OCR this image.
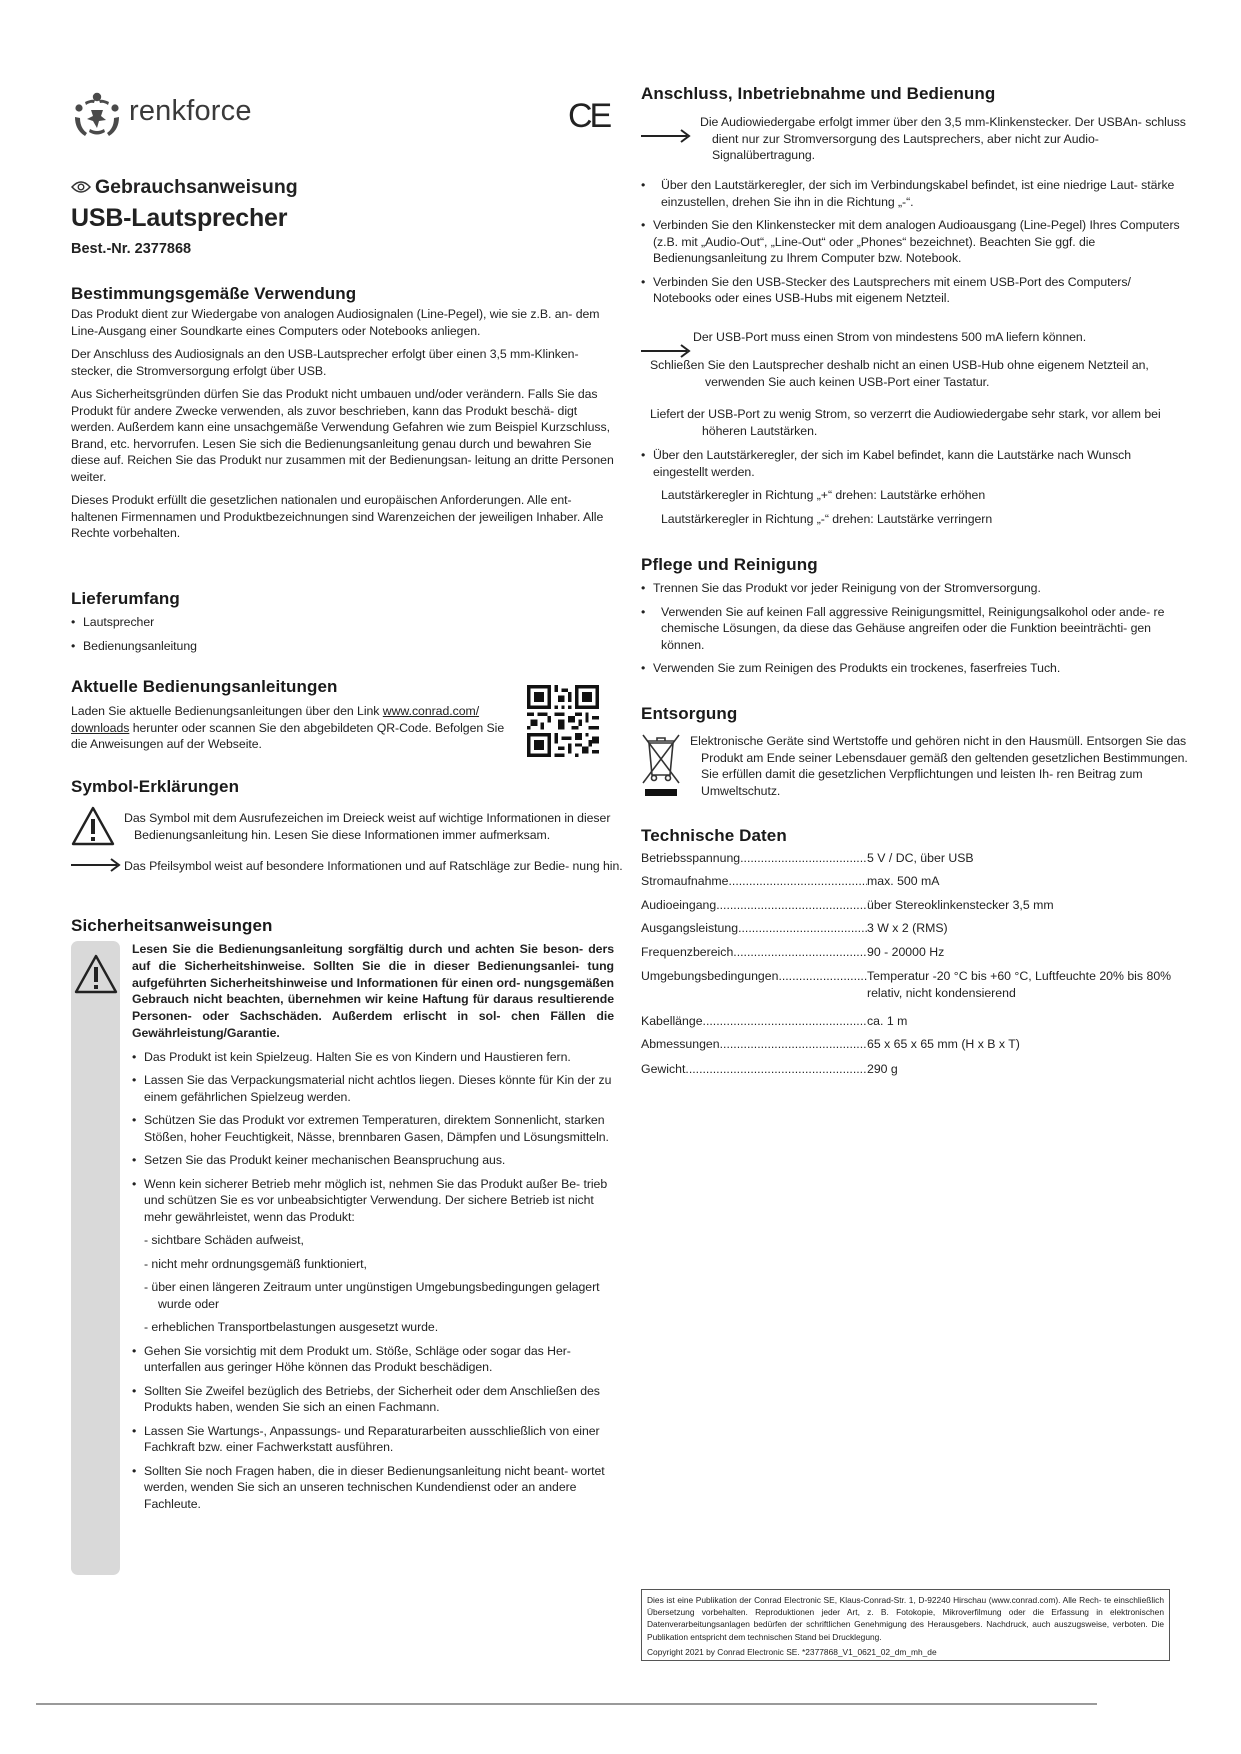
renkforce
Gebrauchsanweisung
USB-Lautsprecher
Best.-Nr. 2377868
Bestimmungsgemäße Verwendung

Das Produkt dient zur Wiedergabe von analogen Audiosignalen (Line-Pegel), wie sie z.B. an- dem Line-Ausgang einer Soundkarte eines Computers oder Notebooks anliegen.

Der Anschluss des Audiosignals an den USB-Lautsprecher erfolgt über einen 3,5 mm-Klinken- stecker, die Stromversorgung erfolgt über USB.

Aus Sicherheitsgründen dürfen Sie das Produkt nicht umbauen und/oder verändern. Falls Sie das Produkt für andere Zwecke verwenden, als zuvor beschrieben, kann das Produkt beschä- digt werden. Außerdem kann eine unsachgemäße Verwendung Gefahren wie zum Beispiel Kurzschluss, Brand, etc. hervorrufen. Lesen Sie sich die Bedienungsanleitung genau durch und bewahren Sie diese auf. Reichen Sie das Produkt nur zusammen mit der Bedienungsan- leitung an dritte Personen weiter.

Dieses Produkt erfüllt die gesetzlichen nationalen und europäischen Anforderungen. Alle ent- haltenen Firmennamen und Produktbezeichnungen sind Warenzeichen der jeweiligen Inhaber. Alle Rechte vorbehalten.

Lieferumfang
• Lautsprecher
• Bedienungsanleitung
Aktuelle Bedienungsanleitungen
Laden Sie aktuelle Bedienungsanleitungen über den Link www.conrad.com/ downloads herunter oder scannen Sie den abgebildeten QR-Code. Befolgen Sie die Anweisungen auf der Webseite.
Symbol-Erklärungen
Das Symbol mit dem Ausrufezeichen im Dreieck weist auf wichtige Informationen in dieser Bedienungsanleitung hin. Lesen Sie diese Informationen immer aufmerksam.
Das Pfeilsymbol weist auf besondere Informationen und auf Ratschläge zur Bedie- nung hin.
Sicherheitsanweisungen

Lesen Sie die Bedienungsanleitung sorgfältig durch und achten Sie beson- ders auf die Sicherheitshinweise. Sollten Sie die in dieser Bedienungsanlei- tung aufgeführten Sicherheitshinweise und Informationen für einen ord- nungsgemäßen Gebrauch nicht beachten, übernehmen wir keine Haftung für daraus resultierende Personen- oder Sachschäden. Außerdem erlischt in sol- chen Fällen die Gewährleistung/Garantie.

• Das Produkt ist kein Spielzeug. Halten Sie es von Kindern und Haustieren fern.
• Lassen Sie das Verpackungsmaterial nicht achtlos liegen. Dieses könnte für Kin der zu einem gefährlichen Spielzeug werden.
• Schützen Sie das Produkt vor extremen Temperaturen, direktem Sonnenlicht, starken Stößen, hoher Feuchtigkeit, Nässe, brennbaren Gasen, Dämpfen und Lösungsmitteln.
• Setzen Sie das Produkt keiner mechanischen Beanspruchung aus.
• Wenn kein sicherer Betrieb mehr möglich ist, nehmen Sie das Produkt außer Be- trieb und schützen Sie es vor unbeabsichtigter Verwendung. Der sichere Betrieb ist nicht mehr gewährleistet, wenn das Produkt:

- sichtbare Schäden aufweist,

- nicht mehr ordnungsgemäß funktioniert,

- über einen längeren Zeitraum unter ungünstigen Umgebungsbedingungen gelagert wurde oder

- erheblichen Transportbelastungen ausgesetzt wurde.

• Gehen Sie vorsichtig mit dem Produkt um. Stöße, Schläge oder sogar das Her- unterfallen aus geringer Höhe können das Produkt beschädigen.
• Sollten Sie Zweifel bezüglich des Betriebs, der Sicherheit oder dem Anschließen des Produkts haben, wenden Sie sich an einen Fachmann.
• Lassen Sie Wartungs-, Anpassungs- und Reparaturarbeiten ausschließlich von einer Fachkraft bzw. einer Fachwerkstatt ausführen.
• Sollten Sie noch Fragen haben, die in dieser Bedienungsanleitung nicht beant- wortet werden, wenden Sie sich an unseren technischen Kundendienst oder an andere Fachleute.
CE
Anschluss, Inbetriebnahme und Bedienung
Die Audiowiedergabe erfolgt immer über den 3,5 mm-Klinkenstecker. Der USBAn- schluss dient nur zur Stromversorgung des Lautsprechers, aber nicht zur Audio- Signalübertragung.
• Über den Lautstärkeregler, der sich im Verbindungskabel befindet, ist eine niedrige Laut- stärke einzustellen, drehen Sie ihn in die Richtung „-“.
• Verbinden Sie den Klinkenstecker mit dem analogen Audioausgang (Line-Pegel) Ihres Computers (z.B. mit „Audio-Out“, „Line-Out“ oder „Phones“ bezeichnet). Beachten Sie ggf. die Bedienungsanleitung zu Ihrem Computer bzw. Notebook.
• Verbinden Sie den USB-Stecker des Lautsprechers mit einem USB-Port des Computers/ Notebooks oder eines USB-Hubs mit eigenem Netzteil.
Der USB-Port muss einen Strom von mindestens 500 mA liefern können.
Schließen Sie den Lautsprecher deshalb nicht an einen USB-Hub ohne eigenem Netzteil an, verwenden Sie auch keinen USB-Port einer Tastatur.
Liefert der USB-Port zu wenig Strom, so verzerrt die Audiowiedergabe sehr stark, vor allem bei höheren Lautstärken.
• Über den Lautstärkeregler, der sich im Kabel befindet, kann die Lautstärke nach Wunsch eingestellt werden.

Lautstärkeregler in Richtung „+“ drehen: Lautstärke erhöhen

Lautstärkeregler in Richtung „-“ drehen: Lautstärke verringern

Pflege und Reinigung
• Trennen Sie das Produkt vor jeder Reinigung von der Stromversorgung.
• Verwenden Sie auf keinen Fall aggressive Reinigungsmittel, Reinigungsalkohol oder ande- re chemische Lösungen, da diese das Gehäuse angreifen oder die Funktion beeinträchti- gen können.
• Verwenden Sie zum Reinigen des Produkts ein trockenes, faserfreies Tuch.
Entsorgung
Elektronische Geräte sind Wertstoffe und gehören nicht in den Hausmüll. Entsorgen Sie das Produkt am Ende seiner Lebensdauer gemäß den geltenden gesetzlichen Bestimmungen. Sie erfüllen damit die gesetzlichen Verpflichtungen und leisten Ih- ren Beitrag zum Umweltschutz.
Technische Daten
Betriebsspannung .....	5 V / DC, über USB
Stromaufnahme .....	max. 500 mA
Audioeingang .....	über Stereoklinkenstecker 3,5 mm
Ausgangsleistung .....	3 W x 2 (RMS)
Frequenzbereich .....	90 - 20000 Hz
Umgebungsbedingungen .....	Temperatur -20 °C bis +60 °C, Luftfeuchte 20% bis 80% relativ, nicht kondensierend
Kabellänge .....	ca. 1 m
Abmessungen .....	65 x 65 x 65 mm (H x B x T)
Gewicht .....	290 g

Dies ist eine Publikation der Conrad Electronic SE, Klaus-Conrad-Str. 1, D-92240 Hirschau (www.conrad.com). Alle Rech- te einschließlich Übersetzung vorbehalten. Reproduktionen jeder Art, z. B. Fotokopie, Mikroverfilmung oder die Erfassung in elektronischen Datenverarbeitungsanlagen bedürfen der schriftlichen Genehmigung des Herausgebers. Nachdruck, auch auszugsweise, verboten. Die Publikation entspricht dem technischen Stand bei Drucklegung.

Copyright 2021 by Conrad Electronic SE. *2377868_V1_0621_02_dm_mh_de
